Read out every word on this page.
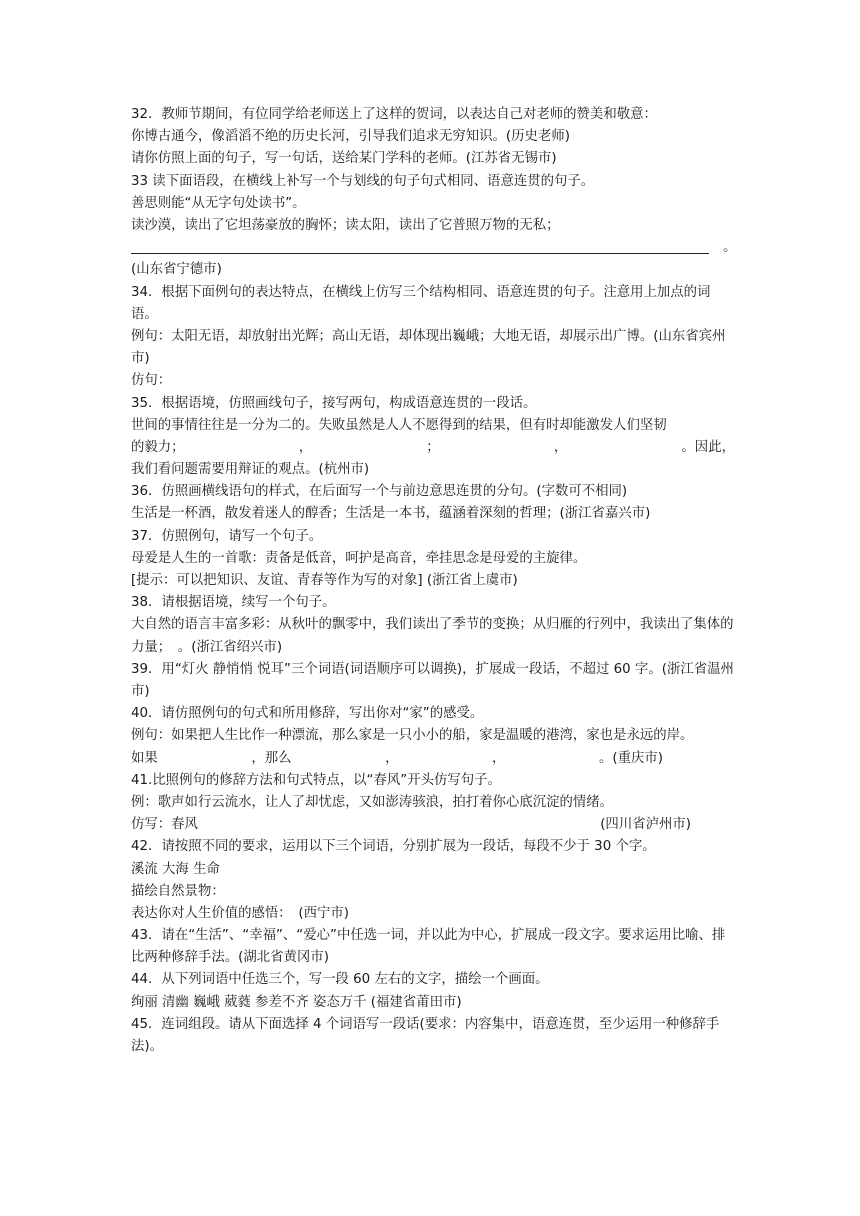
32．教师节期间，有位同学给老师送上了这样的贺词，以表达自己对老师的赞美和敬意：
你博古通今，像滔滔不绝的历史长河，引导我们追求无穷知识。(历史老师)
请你仿照上面的句子，写一句话，送给某门学科的老师。(江苏省无锡市)
33 读下面语段，在横线上补写一个与划线的句子句式相同、语意连贯的句子。
善思则能“从无字句处读书”。
读沙漠，读出了它坦荡豪放的胸怀；读太阳，读出了它普照万物的无私；
。
(山东省宁德市)
34．根据下面例句的表达特点，在横线上仿写三个结构相同、语意连贯的句子。注意用上加点的词语。
例句：太阳无语，却放射出光辉；高山无语，却体现出巍峨；大地无语，却展示出广博。(山东省宾州市)
仿句：
35．根据语境，仿照画线句子，接写两句，构成语意连贯的一段话。
世间的事情往往是一分为二的。失败虽然是人人不愿得到的结果，但有时却能激发人们坚韧
的毅力；	，	；	，	。因此，
我们看问题需要用辩证的观点。(杭州市)
36．仿照画横线语句的样式，在后面写一个与前边意思连贯的分句。(字数可不相同)
生活是一杯酒，散发着迷人的醇香；生活是一本书，蕴涵着深刻的哲理；(浙江省嘉兴市)
37．仿照例句，请写一个句子。
母爱是人生的一首歌：责备是低音，呵护是高音，牵挂思念是母爱的主旋律。
[提示：可以把知识、友谊、青春等作为写的对象] (浙江省上虞市)
38．请根据语境，续写一个句子。
大自然的语言丰富多彩：从秋叶的飘零中，我们读出了季节的变换；从归雁的行列中，我读出了集体的力量；　。(浙江省绍兴市)
39．用“灯火 静悄悄 悦耳”三个词语(词语顺序可以调换)，扩展成一段话，不超过 60 字。(浙江省温州市)
40．请仿照例句的句式和所用修辞，写出你对“家”的感受。
例句：如果把人生比作一种漂流，那么家是一只小小的船，家是温暖的港湾，家也是永远的岸。
如果	，那么	，	，	。(重庆市)
41.比照例句的修辞方法和句式特点，以“春风”开头仿写句子。
例：歌声如行云流水，让人了却忧虑，又如澎涛骇浪，拍打着你心底沉淀的情绪。
仿写：春风	(四川省泸州市)
42．请按照不同的要求，运用以下三个词语，分别扩展为一段话，每段不少于 30 个字。
溪流 大海 生命
描绘自然景物：
表达你对人生价值的感悟：　(西宁市)
43．请在“生活”、“幸福”、“爱心”中任选一词，并以此为中心，扩展成一段文字。要求运用比喻、排比两种修辞手法。(湖北省黄冈市)
44．从下列词语中任选三个，写一段 60 左右的文字，描绘一个画面。
绚丽 清幽 巍峨 葳蕤 参差不齐 姿态万千 (福建省莆田市)
45．连词组段。请从下面选择 4 个词语写一段话(要求：内容集中，语意连贯，至少运用一种修辞手法)。
